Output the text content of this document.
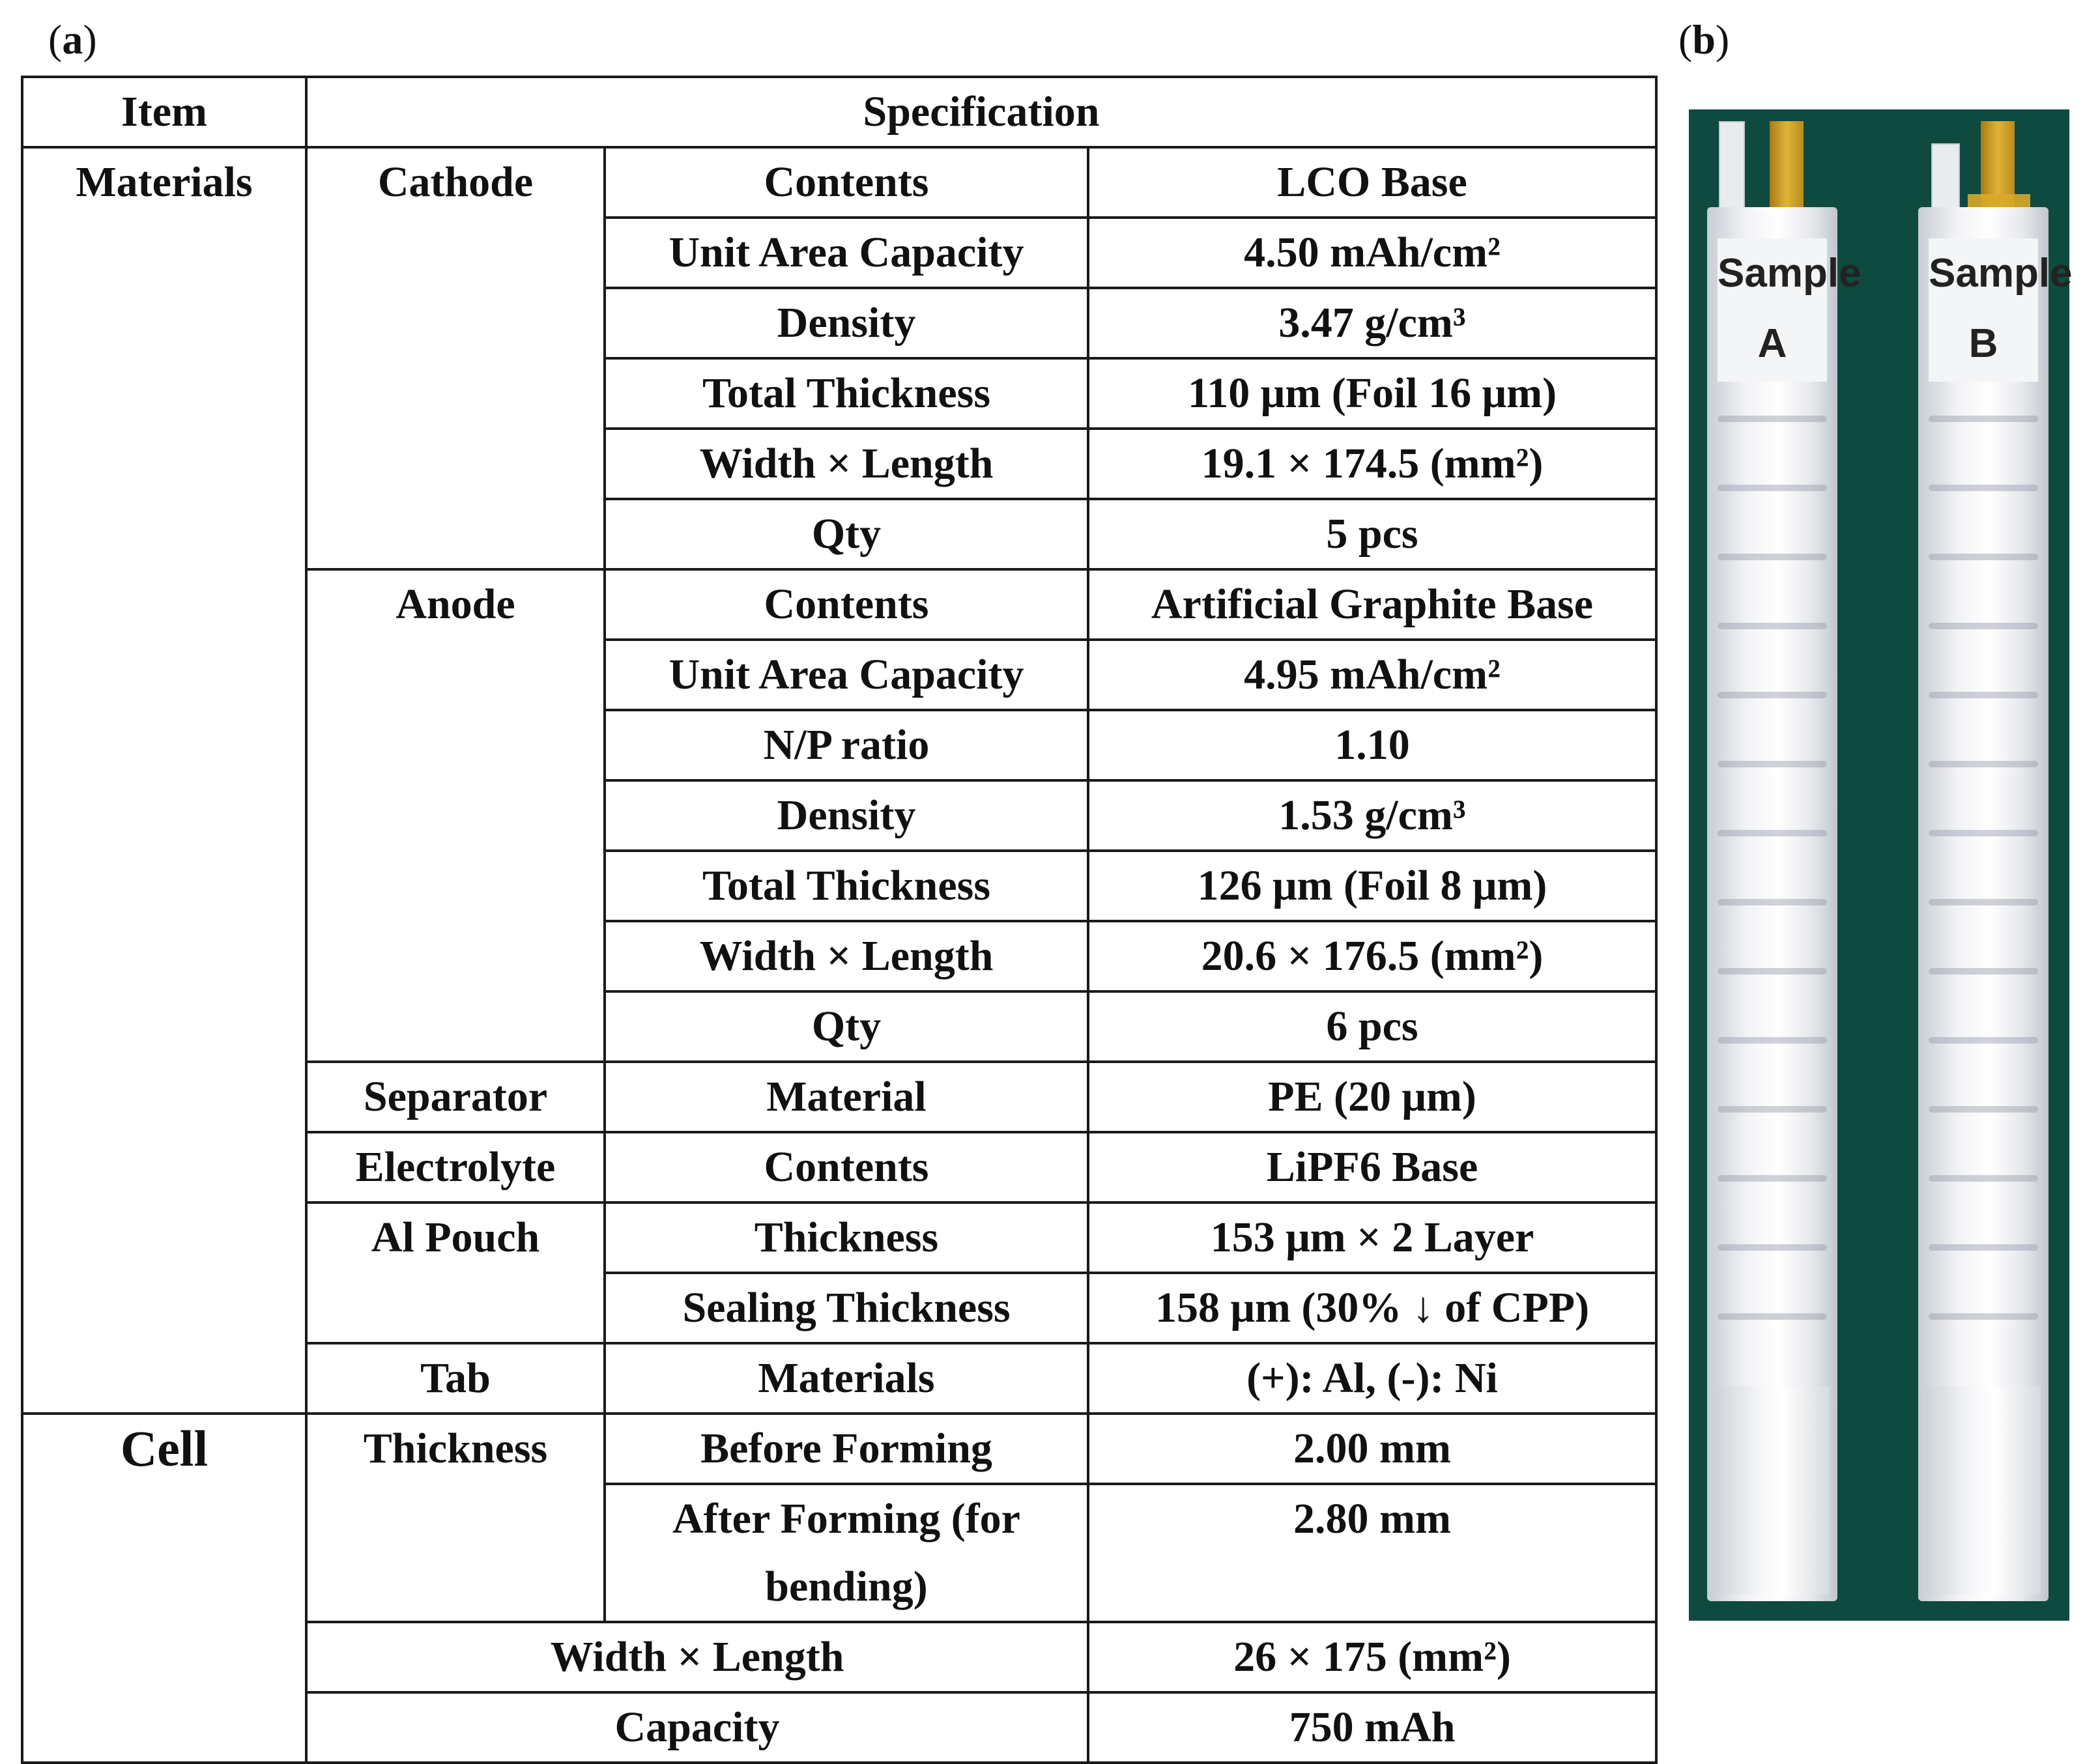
(a)	(b)
Item	Specification		
Materials	Cathode	Contents	LCO Base
		Unit Area Capacity	4.50 mAh/cm²
		Density	3.47 g/cm³
		Total Thickness	110 μm (Foil 16 μm)
		Width × Length	19.1 × 174.5 (mm²)
		Qty	5 pcs
	Anode	Contents	Artificial Graphite Base
		Unit Area Capacity	4.95 mAh/cm²
		N/P ratio	1.10
		Density	1.53 g/cm³
		Total Thickness	126 μm (Foil 8 μm)
		Width × Length	20.6 × 176.5 (mm²)
		Qty	6 pcs
	Separator	Material	PE (20 μm)
	Electrolyte	Contents	LiPF6 Base
	Al Pouch	Thickness	153 μm × 2 Layer
		Sealing Thickness	158 μm (30% ↓ of CPP)
	Tab	Materials	(+): Al, (-): Ni
Cell	Thickness	Before Forming	2.00 mm
		After Forming (for bending)	2.80 mm
	Width × Length		26 × 175 (mm²)
	Capacity		750 mAh
Sample
A
Sample
B
